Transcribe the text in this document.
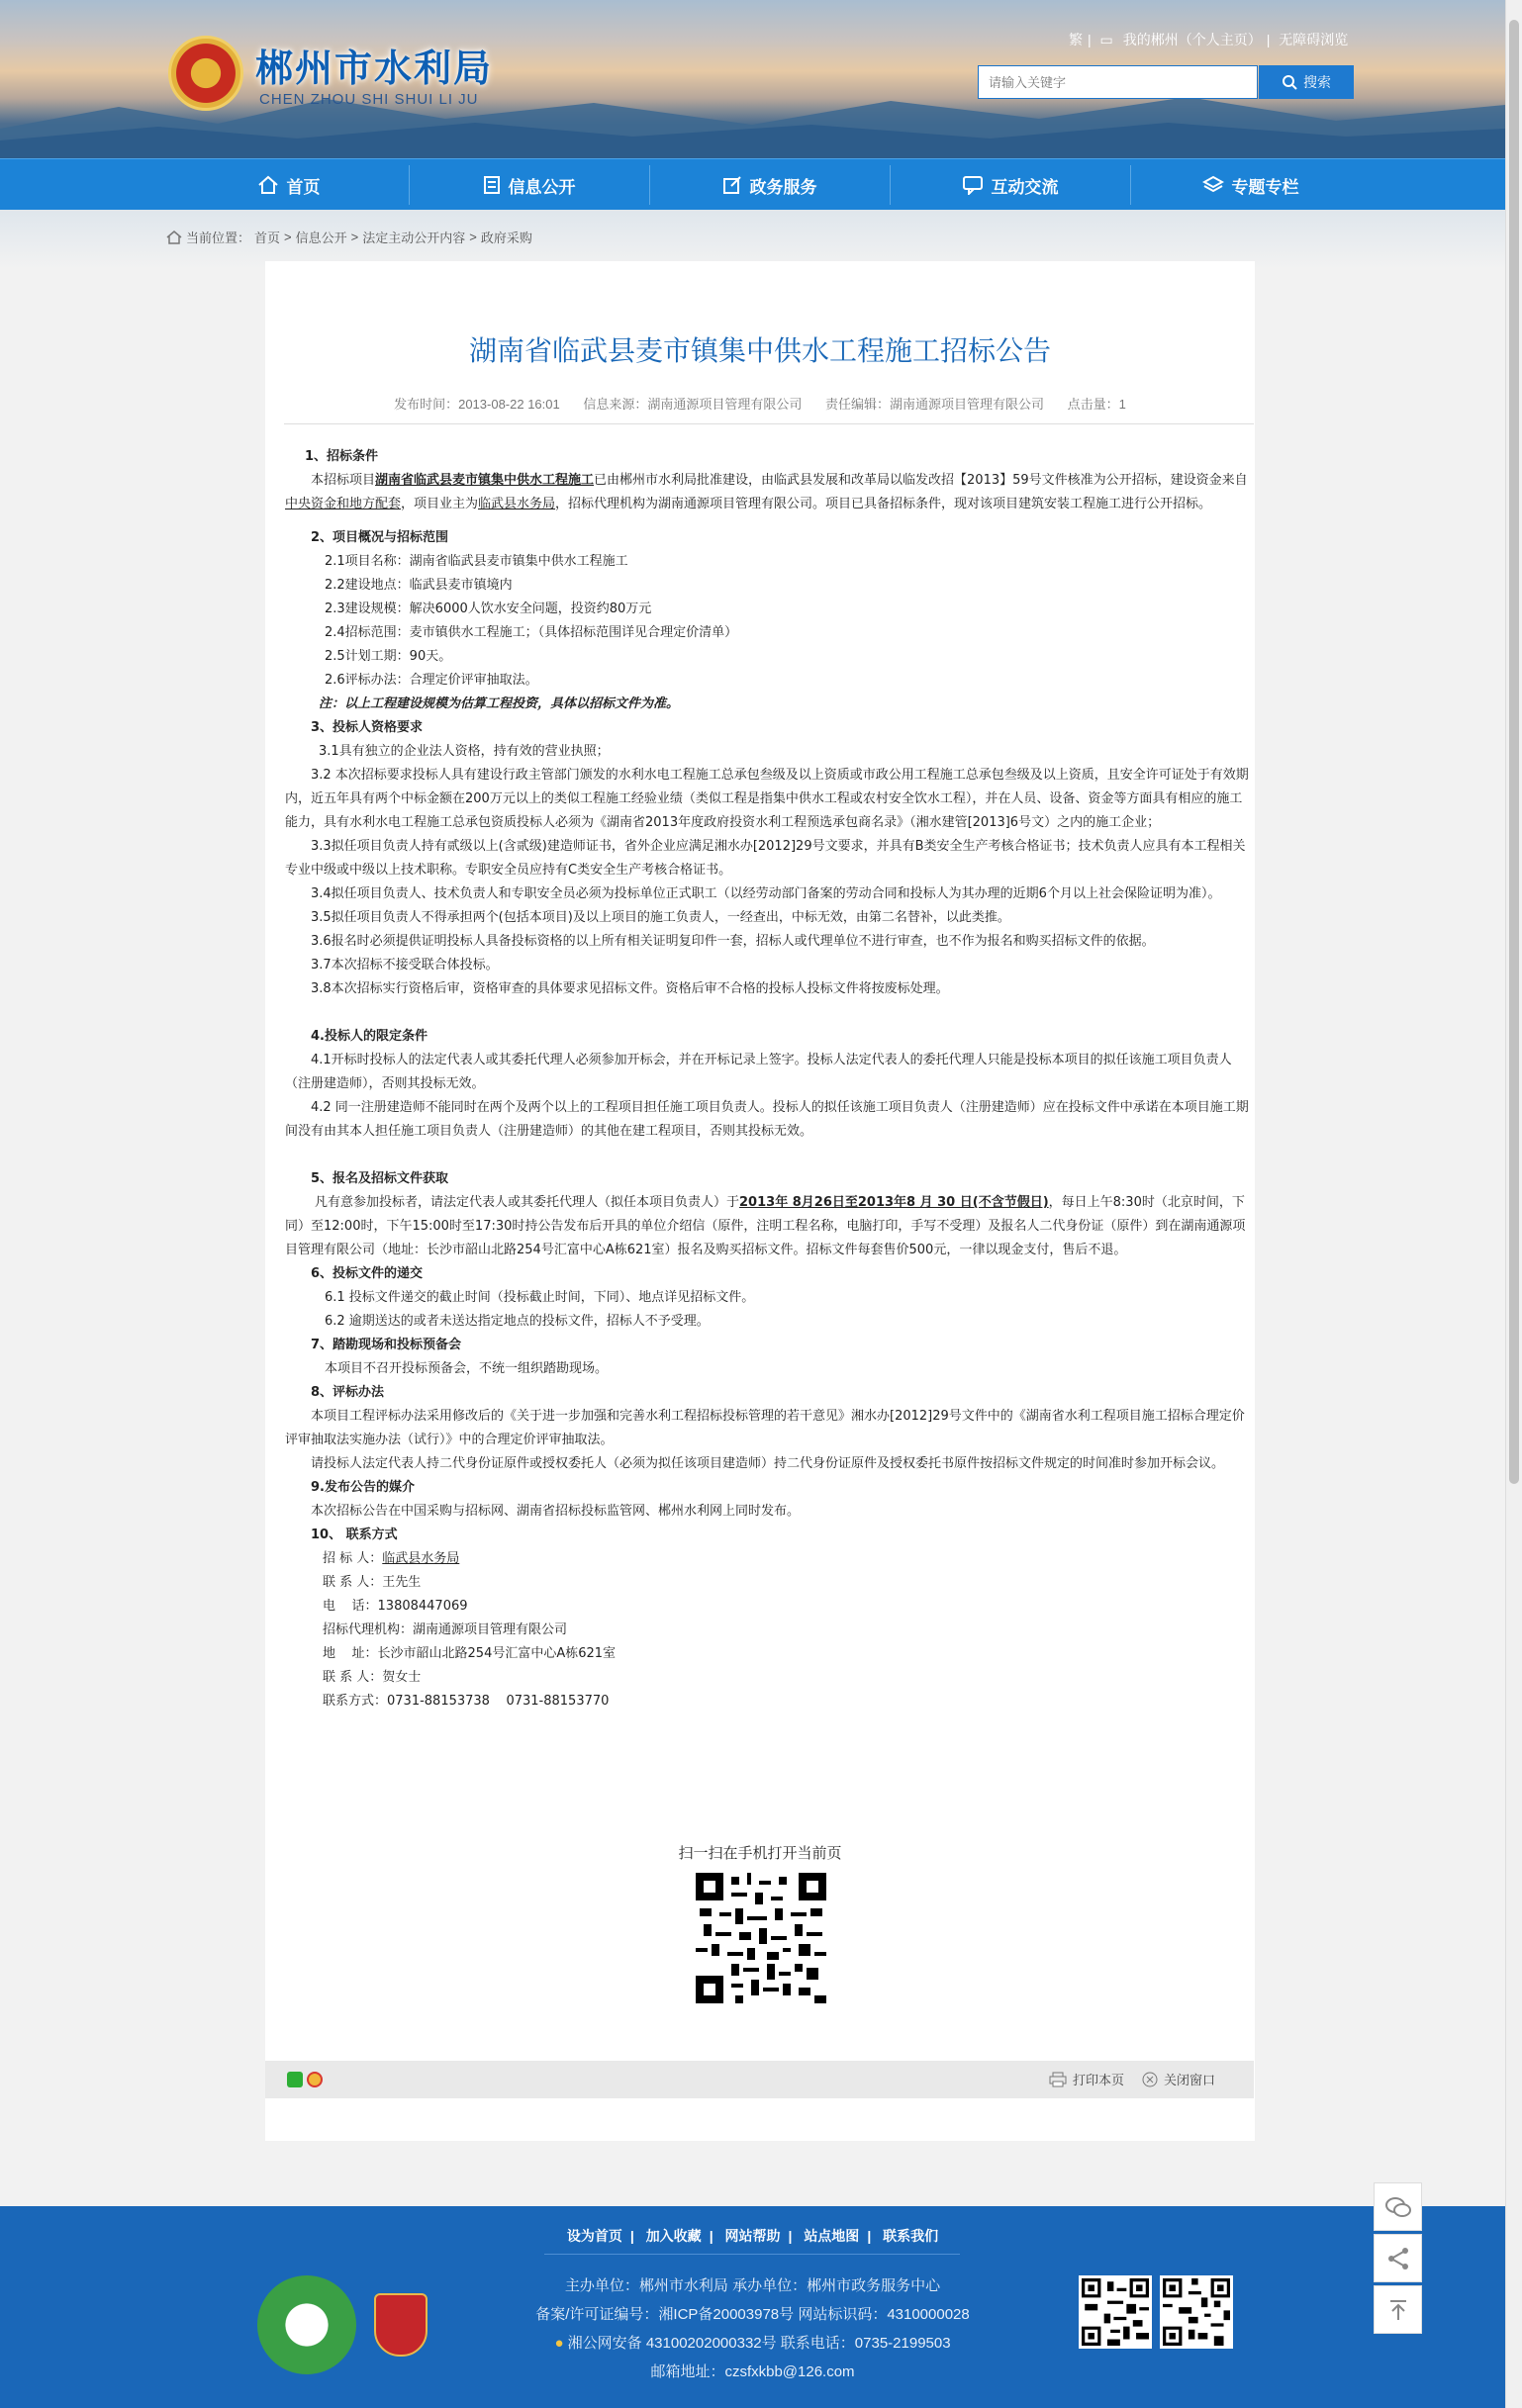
郴州市水利局
CHEN ZHOU SHI SHUI LI JU
繁 | ▭ 我的郴州（个人主页） | 无障碍浏览
请输入关键字
搜索
首页	信息公开	政务服务	互动交流	专题专栏
当前位置： 首页 > 信息公开 > 法定主动公开内容 > 政府采购
湖南省临武县麦市镇集中供水工程施工招标公告
发布时间：2013-08-22 16:01 信息来源：湖南通源项目管理有限公司 责任编辑：湖南通源项目管理有限公司 点击量：1

1、招标条件

本招标项目湖南省临武县麦市镇集中供水工程施工已由郴州市水利局批准建设，由临武县发展和改革局以临发改招【2013】59号文件核准为公开招标，建设资金来自中央资金和地方配套，项目业主为临武县水务局，招标代理机构为湖南通源项目管理有限公司。项目已具备招标条件，现对该项目建筑安装工程施工进行公开招标。

2、项目概况与招标范围

2.1项目名称：湖南省临武县麦市镇集中供水工程施工

2.2建设地点：临武县麦市镇境内

2.3建设规模：解决6000人饮水安全问题，投资约80万元

2.4招标范围：麦市镇供水工程施工；（具体招标范围详见合理定价清单）

2.5计划工期：90天。

2.6评标办法：合理定价评审抽取法。

注：以上工程建设规模为估算工程投资，具体以招标文件为准。

3、投标人资格要求

3.1具有独立的企业法人资格，持有效的营业执照；

3.2 本次招标要求投标人具有建设行政主管部门颁发的水利水电工程施工总承包叁级及以上资质或市政公用工程施工总承包叁级及以上资质，且安全许可证处于有效期内，近五年具有两个中标金额在200万元以上的类似工程施工经验业绩（类似工程是指集中供水工程或农村安全饮水工程），并在人员、设备、资金等方面具有相应的施工能力，具有水利水电工程施工总承包资质投标人必须为《湖南省2013年度政府投资水利工程预选承包商名录》（湘水建管[2013]6号文）之内的施工企业；

3.3拟任项目负责人持有贰级以上(含贰级)建造师证书，省外企业应满足湘水办[2012]29号文要求，并具有B类安全生产考核合格证书；技术负责人应具有本工程相关专业中级或中级以上技术职称。专职安全员应持有C类安全生产考核合格证书。

3.4拟任项目负责人、技术负责人和专职安全员必须为投标单位正式职工（以经劳动部门备案的劳动合同和投标人为其办理的近期6个月以上社会保险证明为准）。

3.5拟任项目负责人不得承担两个(包括本项目)及以上项目的施工负责人，一经查出，中标无效，由第二名替补，以此类推。

3.6报名时必须提供证明投标人具备投标资格的以上所有相关证明复印件一套，招标人或代理单位不进行审查，也不作为报名和购买招标文件的依据。

3.7本次招标不接受联合体投标。

3.8本次招标实行资格后审，资格审查的具体要求见招标文件。资格后审不合格的投标人投标文件将按废标处理。

4.投标人的限定条件

4.1开标时投标人的法定代表人或其委托代理人必须参加开标会，并在开标记录上签字。投标人法定代表人的委托代理人只能是投标本项目的拟任该施工项目负责人（注册建造师），否则其投标无效。

4.2 同一注册建造师不能同时在两个及两个以上的工程项目担任施工项目负责人。投标人的拟任该施工项目负责人（注册建造师）应在投标文件中承诺在本项目施工期间没有由其本人担任施工项目负责人（注册建造师）的其他在建工程项目，否则其投标无效。

5、报名及招标文件获取

凡有意参加投标者，请法定代表人或其委托代理人（拟任本项目负责人）于2013年 8月26日至2013年8 月 30 日(不含节假日)，每日上午8:30时（北京时间，下同）至12:00时，下午15:00时至17:30时持公告发布后开具的单位介绍信（原件，注明工程名称，电脑打印，手写不受理）及报名人二代身份证（原件）到在湖南通源项目管理有限公司（地址：长沙市韶山北路254号汇富中心A栋621室）报名及购买招标文件。招标文件每套售价500元，一律以现金支付，售后不退。

6、投标文件的递交

6.1 投标文件递交的截止时间（投标截止时间，下同）、地点详见招标文件。

6.2 逾期送达的或者未送达指定地点的投标文件，招标人不予受理。

7、踏勘现场和投标预备会

本项目不召开投标预备会，不统一组织踏勘现场。

8、评标办法

本项目工程评标办法采用修改后的《关于进一步加强和完善水利工程招标投标管理的若干意见》湘水办[2012]29号文件中的《湖南省水利工程项目施工招标合理定价评审抽取法实施办法（试行）》中的合理定价评审抽取法。

请投标人法定代表人持二代身份证原件或授权委托人（必须为拟任该项目建造师）持二代身份证原件及授权委托书原件按招标文件规定的时间准时参加开标会议。

9.发布公告的媒介

本次招标公告在中国采购与招标网、湖南省招标投标监管网、郴州水利网上同时发布。

10、 联系方式

招 标 人：临武县水务局

联 系 人：王先生

电    话：13808447069

招标代理机构：湖南通源项目管理有限公司

地    址：长沙市韶山北路254号汇富中心A栋621室

联 系 人：贺女士

联系方式：0731-88153738    0731-88153770

扫一扫在手机打开当前页
打印本页	关闭窗口
设为首页 | 加入收藏 | 网站帮助 | 站点地图 | 联系我们
主办单位：郴州市水利局 承办单位：郴州市政务服务中心
备案/许可证编号：湘ICP备20003978号 网站标识码：4310000028
● 湘公网安备 43100202000332号 联系电话：0735-2199503
邮箱地址：czsfxkbb@126.com
